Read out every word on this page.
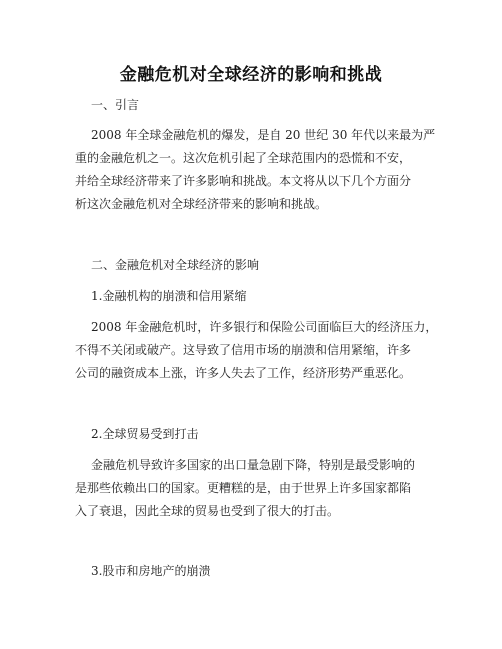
金融危机对全球经济的影响和挑战
一、引言
2008 年全球金融危机的爆发，是自 20 世纪 30 年代以来最为严
重的金融危机之一。这次危机引起了全球范围内的恐慌和不安，
并给全球经济带来了许多影响和挑战。本文将从以下几个方面分
析这次金融危机对全球经济带来的影响和挑战。
二、金融危机对全球经济的影响
1.金融机构的崩溃和信用紧缩
2008 年金融危机时，许多银行和保险公司面临巨大的经济压力，
不得不关闭或破产。这导致了信用市场的崩溃和信用紧缩，许多
公司的融资成本上涨，许多人失去了工作，经济形势严重恶化。
2.全球贸易受到打击
金融危机导致许多国家的出口量急剧下降，特别是最受影响的
是那些依赖出口的国家。更糟糕的是，由于世界上许多国家都陷
入了衰退，因此全球的贸易也受到了很大的打击。
3.股市和房地产的崩溃
